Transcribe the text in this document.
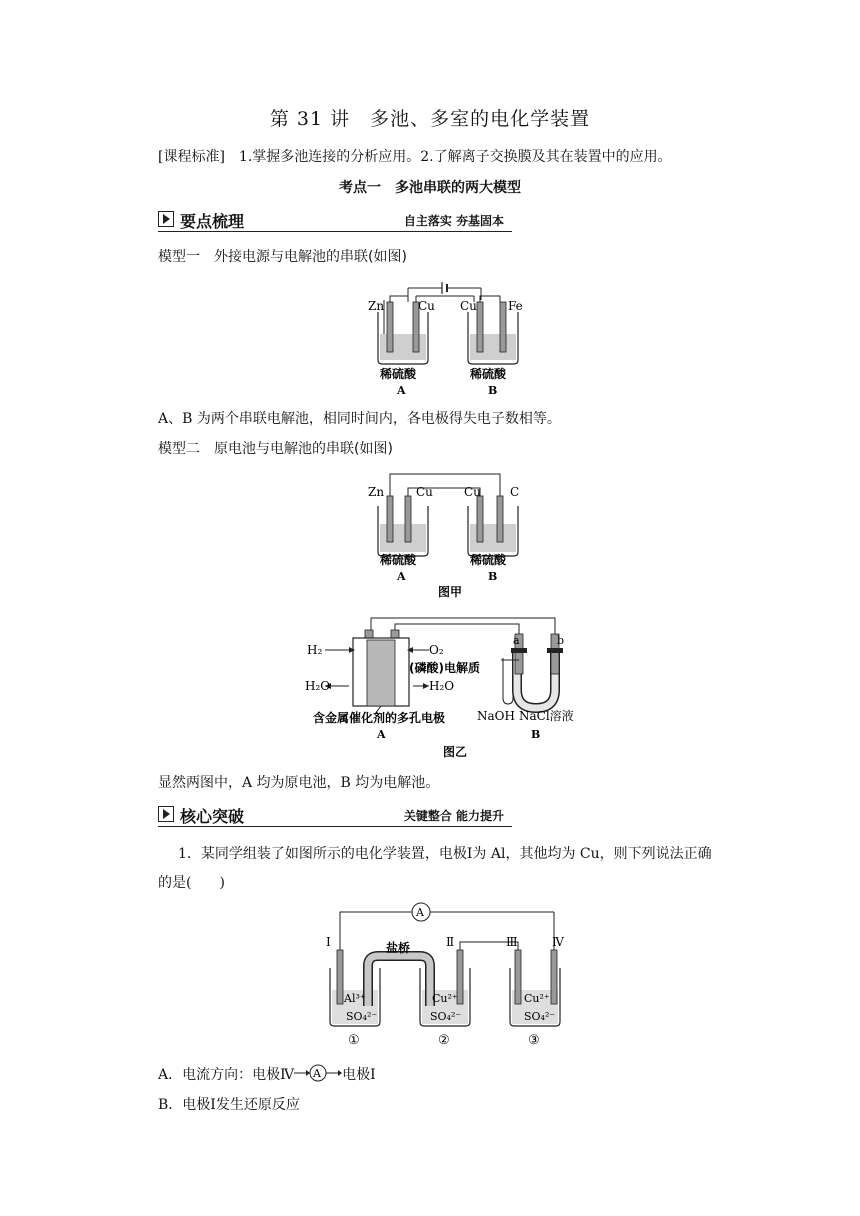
第 31 讲　多池、多室的电化学装置
[课程标准]　1.掌握多池连接的分析应用。2.了解离子交换膜及其在装置中的应用。
考点一　多池串联的两大模型
要点梳理	自主落实 夯基固本
模型一　外接电源与电解池的串联(如图)
Zn	Cu Cu	Fe
稀硫酸	稀硫酸
A	B
A、B 为两个串联电解池，相同时间内，各电极得失电子数相等。
模型二　原电池与电解池的串联(如图)
Zn	Cu	Cu C
稀硫酸	稀硫酸
A	B
图甲
H₂	O₂
(磷酸)电解质
H₂O	H₂O
含金属催化剂的多孔电极
A
a	b
NaOH NaCl溶液
B
图乙
显然两图中，A 均为原电池，B 均为电解池。
核心突破	关键整合 能力提升
1．某同学组装了如图所示的电化学装置，电极Ⅰ为 Al，其他均为 Cu，则下列说法正确
的是(　　)
A
Ⅰ	Ⅱ	Ⅲ	Ⅳ
盐桥
Al³⁺
SO₄²⁻
Cu²⁺
SO₄²⁻
Cu²⁺
SO₄²⁻
①	②	③
A．电流方向：电极Ⅳ A 电极Ⅰ
B．电极Ⅰ发生还原反应
